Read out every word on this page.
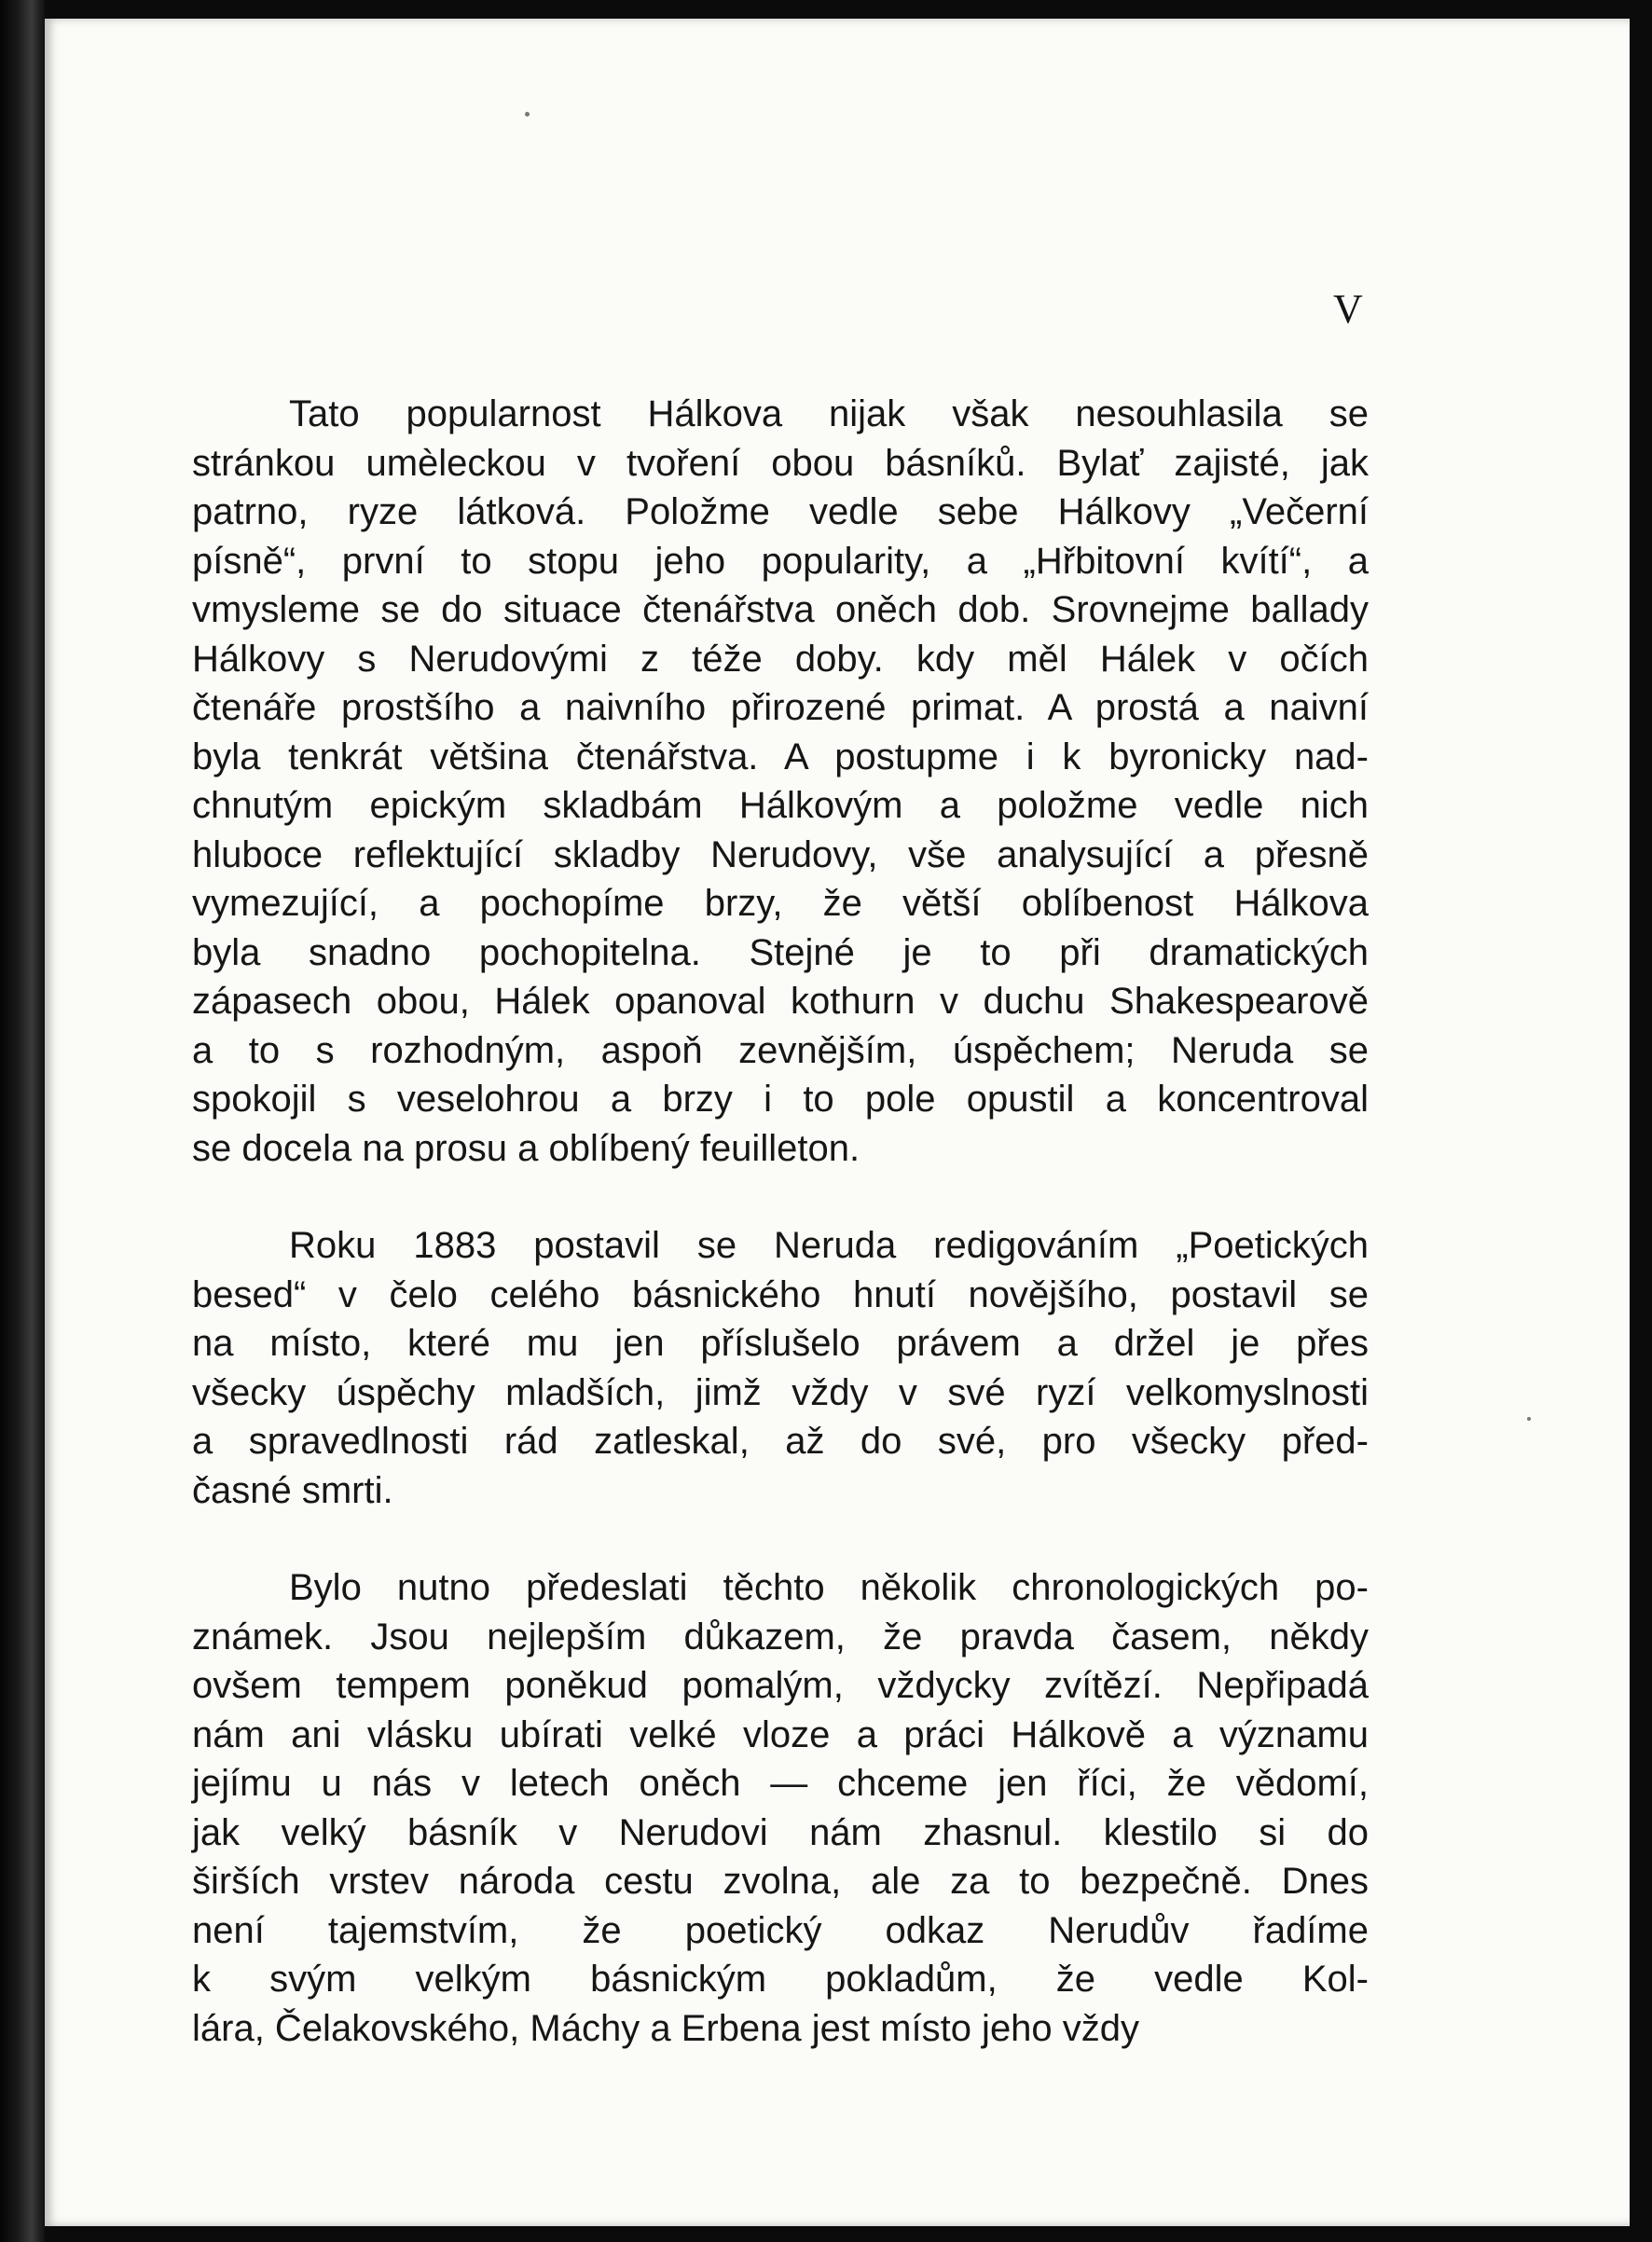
V
Tato popularnost Hálkova nijak však nesouhlasila se
stránkou umèleckou v tvoření obou básníků. Bylať zajisté, jak
patrno, ryze látková. Položme vedle sebe Hálkovy „Večerní
písně“, první to stopu jeho popularity, a „Hřbitovní kvítí“, a
vmysleme se do situace čtenářstva oněch dob. Srovnejme ballady
Hálkovy s Nerudovými z téže doby. kdy měl Hálek v očích
čtenáře prostšího a naivního přirozené primat. A prostá a naivní
byla tenkrát většina čtenářstva. A postupme i k byronicky nad-
chnutým epickým skladbám Hálkovým a položme vedle nich
hluboce reflektující skladby Nerudovy, vše analysující a přesně
vymezující, a pochopíme brzy, že větší oblíbenost Hálkova
byla snadno pochopitelna. Stejné je to při dramatických
zápasech obou, Hálek opanoval kothurn v duchu Shakespearově
a to s rozhodným, aspoň zevnějším, úspěchem; Neruda se
spokojil s veselohrou a brzy i to pole opustil a koncentroval
se docela na prosu a oblíbený feuilleton.
Roku 1883 postavil se Neruda redigováním „Poetických
besed“ v čelo celého básnického hnutí novějšího, postavil se
na místo, které mu jen příslušelo právem a držel je přes
všecky úspěchy mladších, jimž vždy v své ryzí velkomyslnosti
a spravedlnosti rád zatleskal, až do své, pro všecky před-
časné smrti.
Bylo nutno předeslati těchto několik chronologických po-
známek. Jsou nejlepším důkazem, že pravda časem, někdy
ovšem tempem poněkud pomalým, vždycky zvítězí. Nepřipadá
nám ani vlásku ubírati velké vloze a práci Hálkově a významu
jejímu u nás v letech oněch — chceme jen říci, že vědomí,
jak velký básník v Nerudovi nám zhasnul. klestilo si do
širších vrstev národa cestu zvolna, ale za to bezpečně. Dnes
není tajemstvím, že poetický odkaz Nerudův řadíme
k svým velkým básnickým pokladům, že vedle Kol-
lára, Čelakovského, Máchy a Erbena jest místo jeho vždy
